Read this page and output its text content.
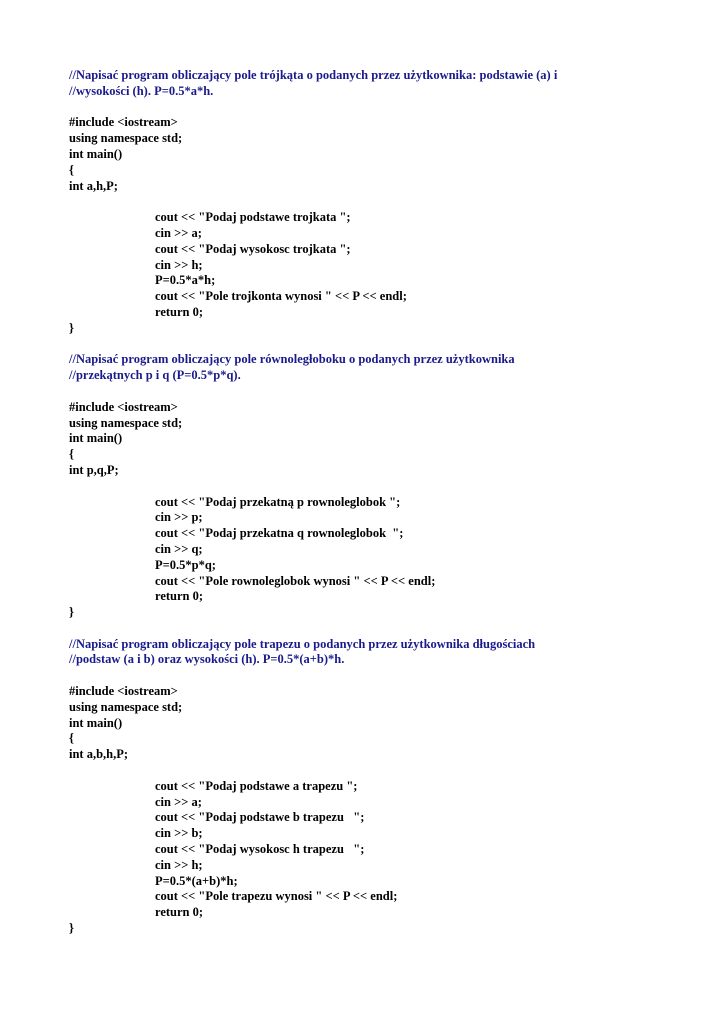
//Napisać program obliczający pole trójkąta o podanych przez użytkownika: podstawie (a) i
//wysokości (h). P=0.5*a*h.
#include <iostream>
using namespace std;
int main()
{
int a,h,P;
cout << "Podaj podstawe trojkata ";
cin >> a;
cout << "Podaj wysokosc trojkata ";
cin >> h;
P=0.5*a*h;
cout << "Pole trojkonta wynosi " << P << endl;
return 0;
}
//Napisać program obliczający pole równoległoboku o podanych przez użytkownika
//przekątnych p i q (P=0.5*p*q).
#include <iostream>
using namespace std;
int main()
{
int p,q,P;
cout << "Podaj przekatną p rownoleglobok ";
cin >> p;
cout << "Podaj przekatna q rownoleglobok  ";
cin >> q;
P=0.5*p*q;
cout << "Pole rownoleglobok wynosi " << P << endl;
return 0;
}
//Napisać program obliczający pole trapezu o podanych przez użytkownika długościach
//podstaw (a i b) oraz wysokości (h). P=0.5*(a+b)*h.
#include <iostream>
using namespace std;
int main()
{
int a,b,h,P;
cout << "Podaj podstawe a trapezu ";
cin >> a;
cout << "Podaj podstawe b trapezu   ";
cin >> b;
cout << "Podaj wysokosc h trapezu   ";
cin >> h;
P=0.5*(a+b)*h;
cout << "Pole trapezu wynosi " << P << endl;
return 0;
}
